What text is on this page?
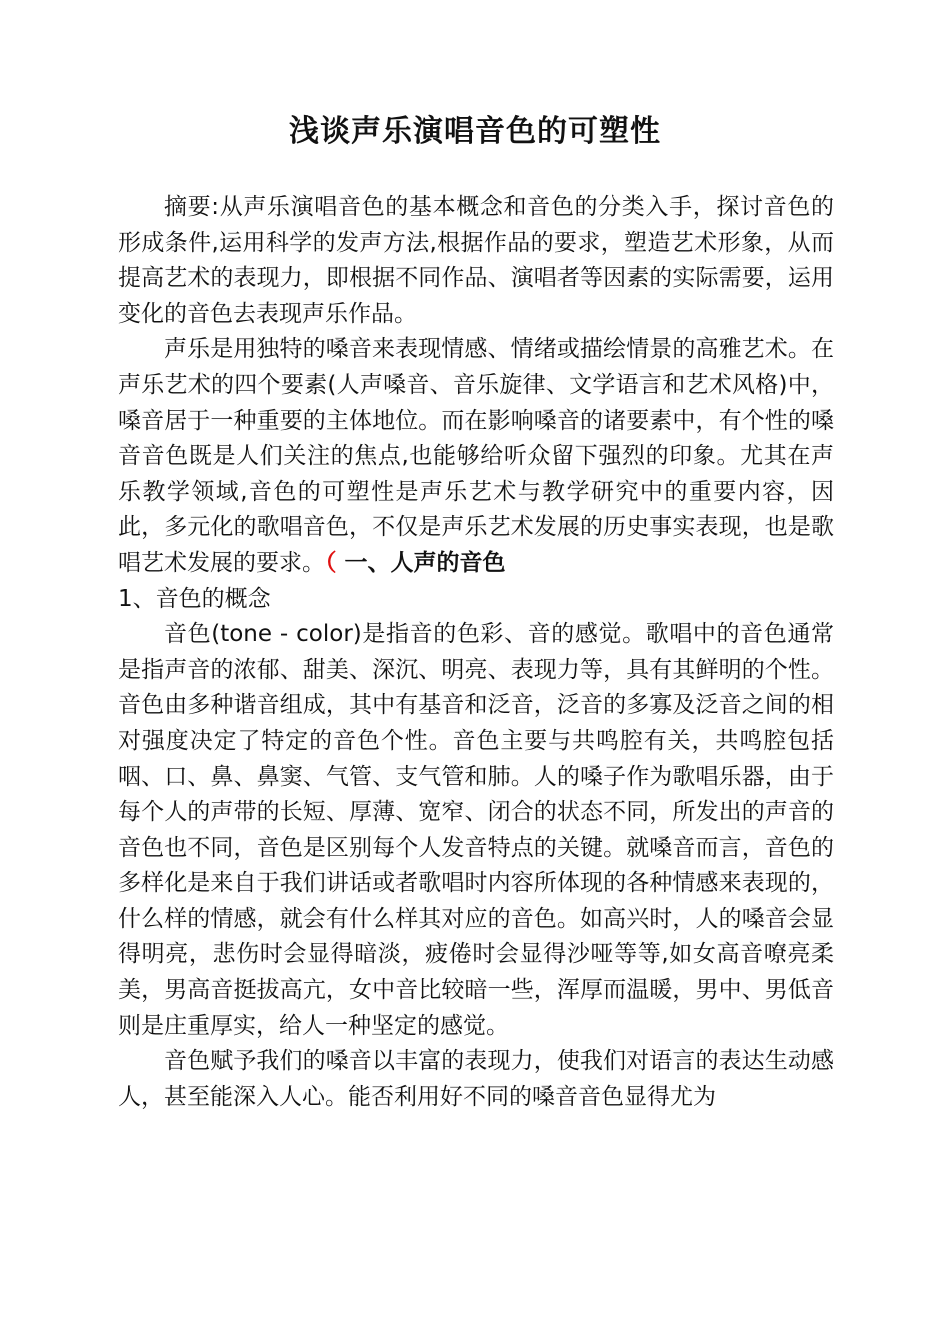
浅谈声乐演唱音色的可塑性

摘要:从声乐演唱音色的基本概念和音色的分类入手，探讨音色的形成条件,运用科学的发声方法,根据作品的要求，塑造艺术形象，从而提高艺术的表现力，即根据不同作品、演唱者等因素的实际需要，运用变化的音色去表现声乐作品。

声乐是用独特的嗓音来表现情感、情绪或描绘情景的高雅艺术。在声乐艺术的四个要素(人声嗓音、音乐旋律、文学语言和艺术风格)中，嗓音居于一种重要的主体地位。而在影响嗓音的诸要素中，有个性的嗓音音色既是人们关注的焦点,也能够给听众留下强烈的印象。尤其在声乐教学领域,音色的可塑性是声乐艺术与教学研究中的重要内容，因此，多元化的歌唱音色，不仅是声乐艺术发展的历史事实表现，也是歌唱艺术发展的要求。（ 一、人声的音色

1、音色的概念

音色(tone - color)是指音的色彩、音的感觉。歌唱中的音色通常是指声音的浓郁、甜美、深沉、明亮、表现力等，具有其鲜明的个性。音色由多种谐音组成，其中有基音和泛音，泛音的多寡及泛音之间的相对强度决定了特定的音色个性。音色主要与共鸣腔有关，共鸣腔包括咽、口、鼻、鼻窦、气管、支气管和肺。人的嗓子作为歌唱乐器，由于每个人的声带的长短、厚薄、宽窄、闭合的状态不同，所发出的声音的音色也不同，音色是区别每个人发音特点的关键。就嗓音而言，音色的多样化是来自于我们讲话或者歌唱时内容所体现的各种情感来表现的，什么样的情感，就会有什么样其对应的音色。如高兴时，人的嗓音会显得明亮，悲伤时会显得暗淡，疲倦时会显得沙哑等等,如女高音嘹亮柔美，男高音挺拔高亢，女中音比较暗一些，浑厚而温暖，男中、男低音则是庄重厚实，给人一种坚定的感觉。

音色赋予我们的嗓音以丰富的表现力，使我们对语言的表达生动感人，甚至能深入人心。能否利用好不同的嗓音音色显得尤为
